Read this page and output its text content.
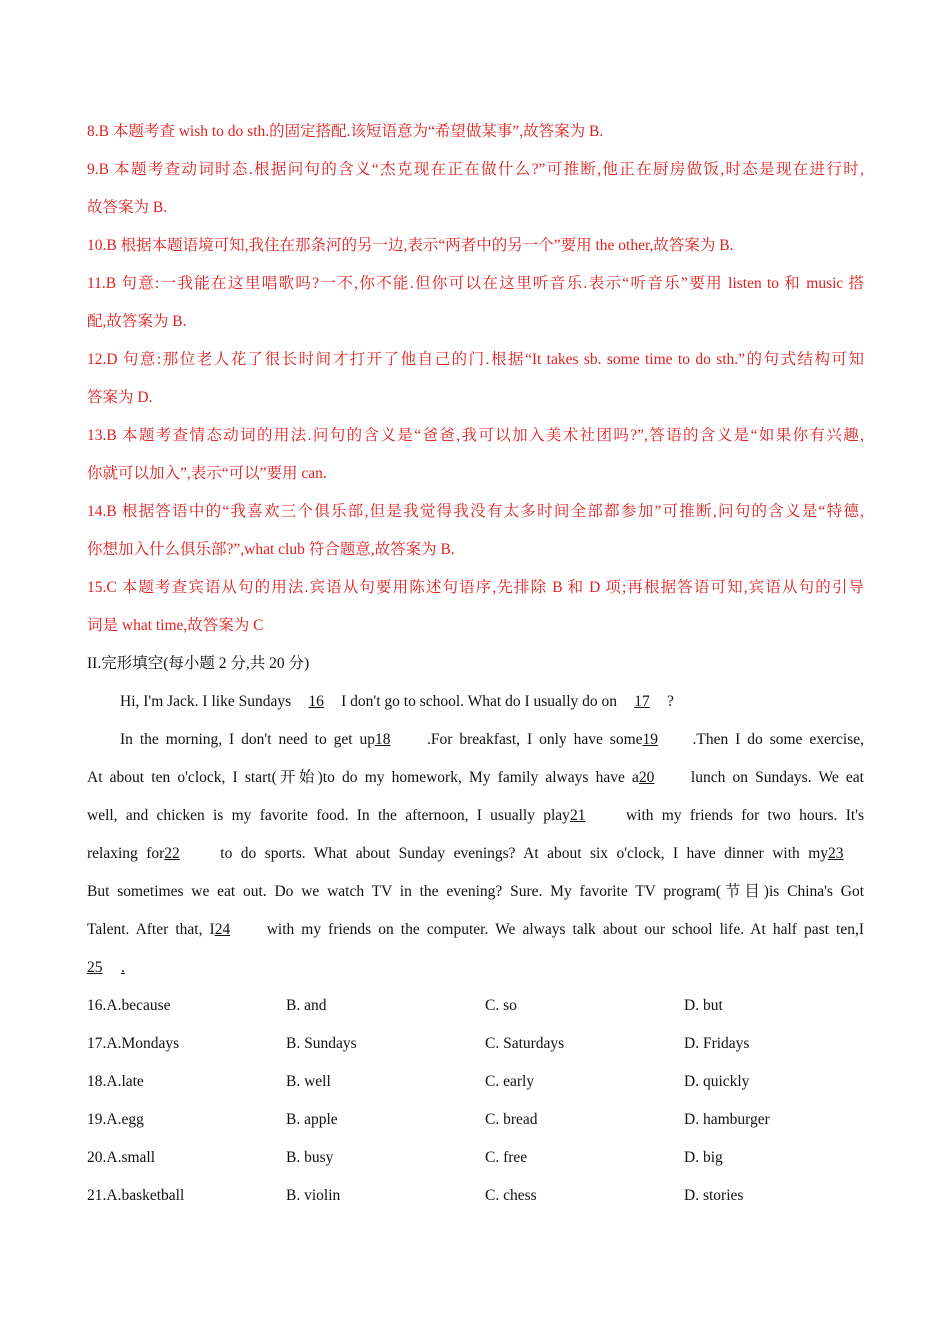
8.B 本题考查 wish to do sth.的固定搭配.该短语意为“希望做某事”,故答案为 B.
9.B 本题考查动词时态.根据问句的含义“杰克现在正在做什么?”可推断,他正在厨房做饭,时态是现在进行时,
故答案为 B.
10.B 根据本题语境可知,我住在那条河的另一边,表示“两者中的另一个”要用 the other,故答案为 B.
11.B 句意:一我能在这里唱歌吗?一不,你不能.但你可以在这里听音乐.表示“听音乐”要用 listen to 和 music 搭
配,故答案为 B.
12.D 句意:那位老人花了很长时间才打开了他自己的门.根据“It takes sb. some time to do sth.”的句式结构可知
答案为 D.
13.B 本题考查情态动词的用法.问句的含义是“爸爸,我可以加入美术社团吗?”,答语的含义是“如果你有兴趣,
你就可以加入”,表示“可以”要用 can.
14.B 根据答语中的“我喜欢三个俱乐部,但是我觉得我没有太多时间全部都参加”可推断,问句的含义是“特德,
你想加入什么俱乐部?”,what club 符合题意,故答案为 B.
15.C 本题考查宾语从句的用法.宾语从句要用陈述句语序,先排除 B 和 D 项;再根据答语可知,宾语从句的引导
词是 what time,故答案为 C
II.完形填空(每小题 2 分,共 20 分)
Hi, I'm Jack. I like Sundays 16 I don't go to school. What do I usually do on 17 ?
In the morning, I don't need to get up18 .For breakfast, I only have some19 .Then I do some exercise,
At about ten o'clock, I start(开始)to do my homework, My family always have a20 lunch on Sundays. We eat
well, and chicken is my favorite food. In the afternoon, I usually play21	with my friends for two hours. It's
relaxing for22	to do sports. What about Sunday evenings? At about six o'clock, I have dinner with my23
But sometimes we eat out. Do we watch TV in the evening? Sure. My favorite TV program(节目)is China's Got
Talent. After that, I24 with my friends on the computer. We always talk about our school life. At half past ten,I
25 .
16.A.because	B. and	C. so	D. but
17.A.Mondays	B. Sundays	C. Saturdays	D. Fridays
18.A.late	B. well	C. early	D. quickly
19.A.egg	B. apple	C. bread	D. hamburger
20.A.small	B. busy	C. free	D. big
21.A.basketball	B. violin	C. chess	D. stories
